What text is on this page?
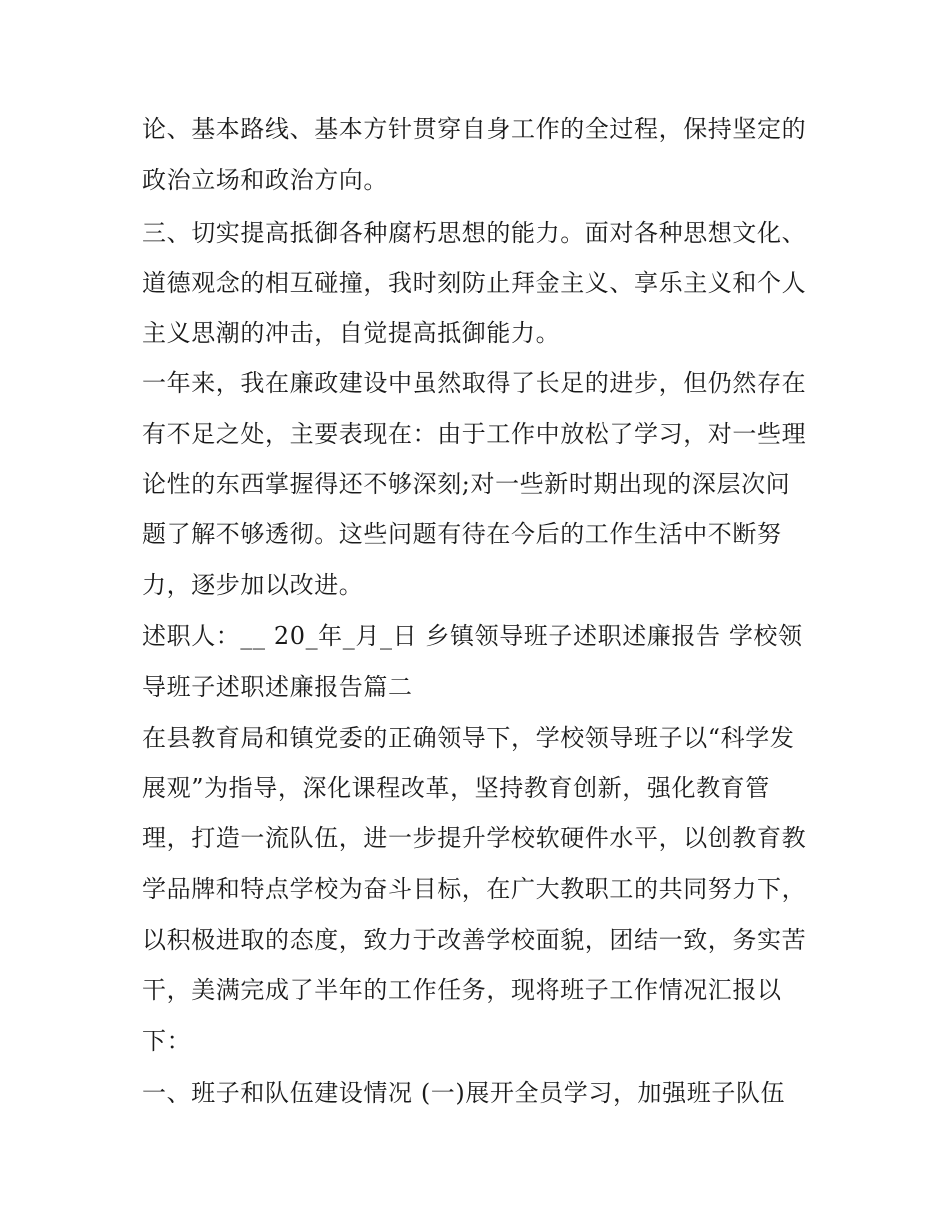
论、基本路线、基本方针贯穿自身工作的全过程，保持坚定的
政治立场和政治方向。
三、切实提高抵御各种腐朽思想的能力。面对各种思想文化、
道德观念的相互碰撞，我时刻防止拜金主义、享乐主义和个人
主义思潮的冲击，自觉提高抵御能力。
一年来，我在廉政建设中虽然取得了长足的进步，但仍然存在
有不足之处，主要表现在：由于工作中放松了学习，对一些理
论性的东西掌握得还不够深刻;对一些新时期出现的深层次问
题了解不够透彻。这些问题有待在今后的工作生活中不断努
力，逐步加以改进。
述职人：__ 20_年_月_日 乡镇领导班子述职述廉报告 学校领
导班子述职述廉报告篇二
在县教育局和镇党委的正确领导下，学校领导班子以“科学发
展观”为指导，深化课程改革，坚持教育创新，强化教育管
理，打造一流队伍，进一步提升学校软硬件水平，以创教育教
学品牌和特点学校为奋斗目标，在广大教职工的共同努力下，
以积极进取的态度，致力于改善学校面貌，团结一致，务实苦
干，美满完成了半年的工作任务，现将班子工作情况汇报以
下：
一、班子和队伍建设情况 (一)展开全员学习，加强班子队伍
